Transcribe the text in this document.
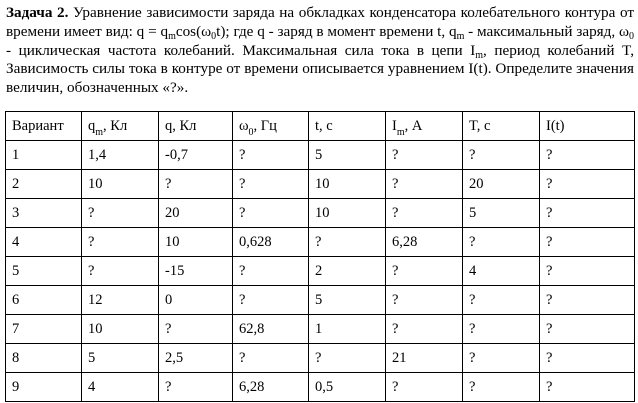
Задача 2. Уравнение зависимости заряда на обкладках конденсатора колебательного контура от времени имеет вид: $q = q_m\cos(\omega_0t)$; где q - заряд в момент времени t, $q_m$ - максимальный заряд, $\omega_0$ - циклическая частота колебаний. Максимальная сила тока в цепи $I_m$, период колебаний T, Зависимость силы тока в контуре от времени описывается уравнением I(t). Определите значения величин, обозначенных «?».
Вариант	$q_m$, Кл	q, Кл	$\omega_0$, Гц	t, с	$I_m$, А	T, с	I(t)
1	1,4	-0,7	?	5	?	?	?
2	10	?	?	10	?	20	?
3	?	20	?	10	?	5	?
4	?	10	0,628	?	6,28	?	?
5	?	-15	?	2	?	4	?
6	12	0	?	5	?	?	?
7	10	?	62,8	1	?	?	?
8	5	2,5	?	?	21	?	?
9	4	?	6,28	0,5	?	?	?
